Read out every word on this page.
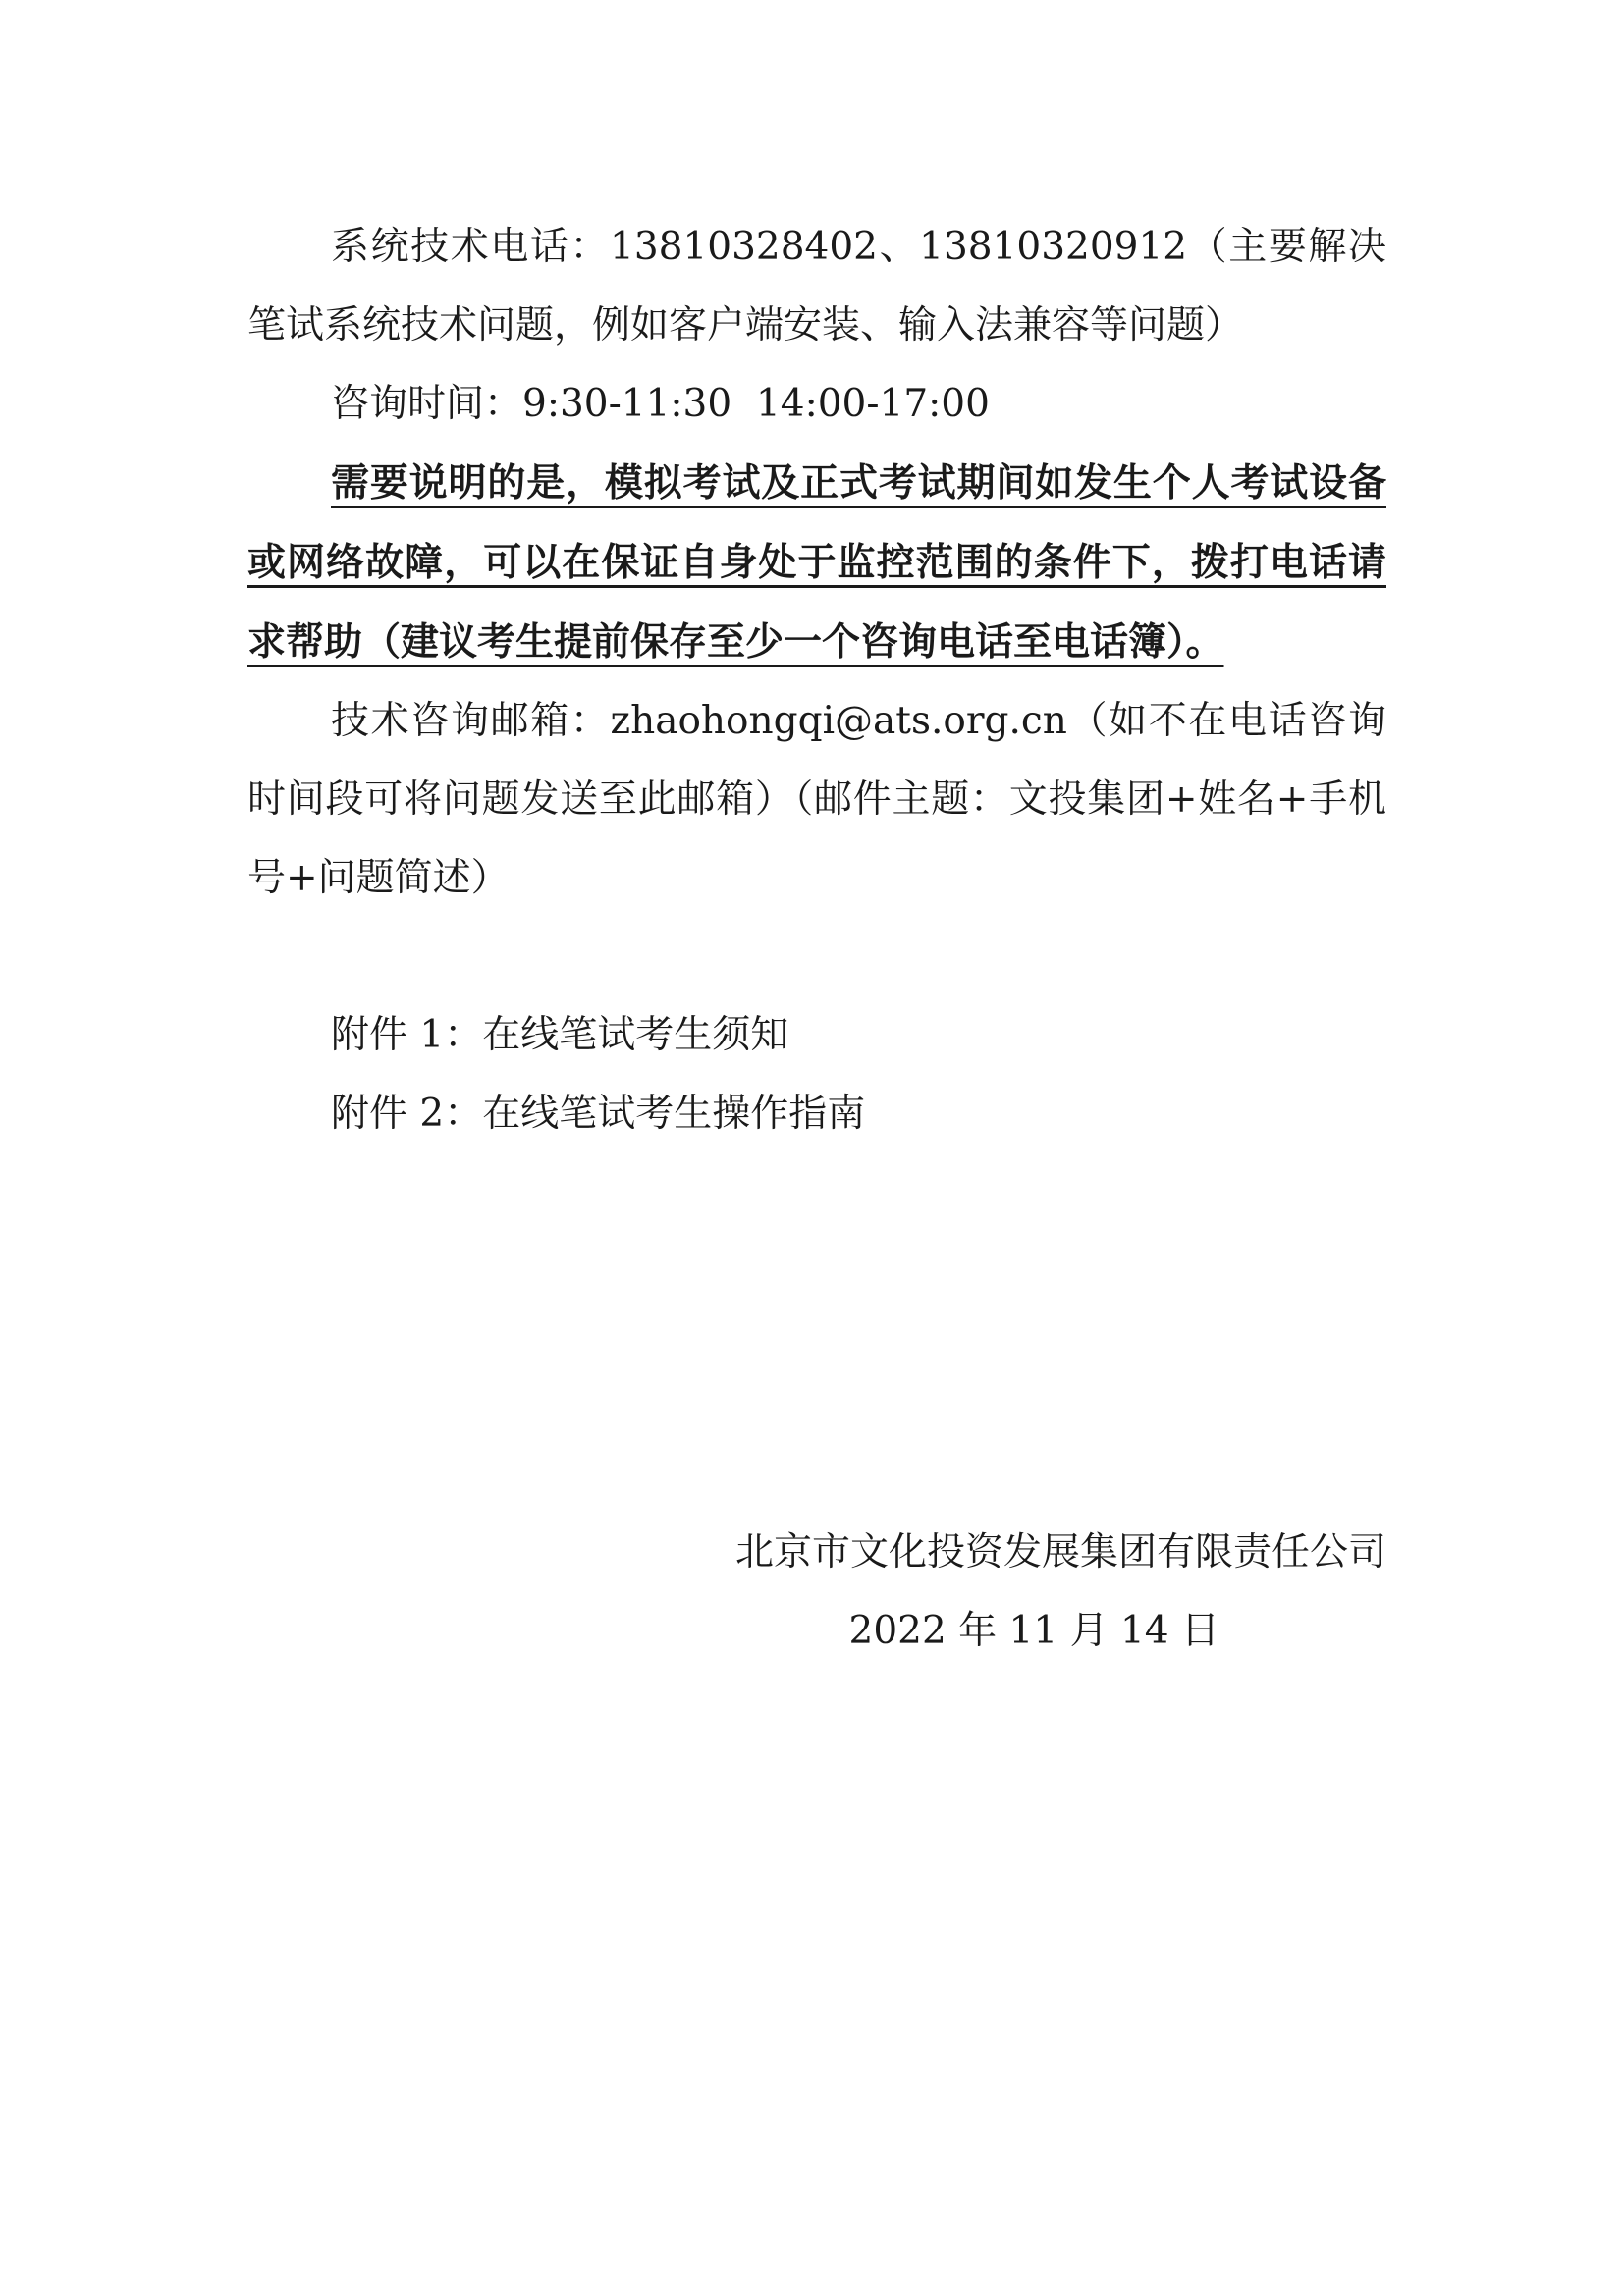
系统技术电话：13810328402、13810320912（主要解决笔试系统技术问题，例如客户端安装、输入法兼容等问题）

咨询时间：9:30-11:30  14:00-17:00

需要说明的是，模拟考试及正式考试期间如发生个人考试设备或网络故障，可以在保证自身处于监控范围的条件下，拨打电话请求帮助（建议考生提前保存至少一个咨询电话至电话簿）。

技术咨询邮箱：zhaohongqi@ats.org.cn（如不在电话咨询时间段可将问题发送至此邮箱）（邮件主题：文投集团+姓名+手机号+问题简述）

附件 1：在线笔试考生须知

附件 2：在线笔试考生操作指南

北京市文化投资发展集团有限责任公司

2022 年 11 月 14 日
